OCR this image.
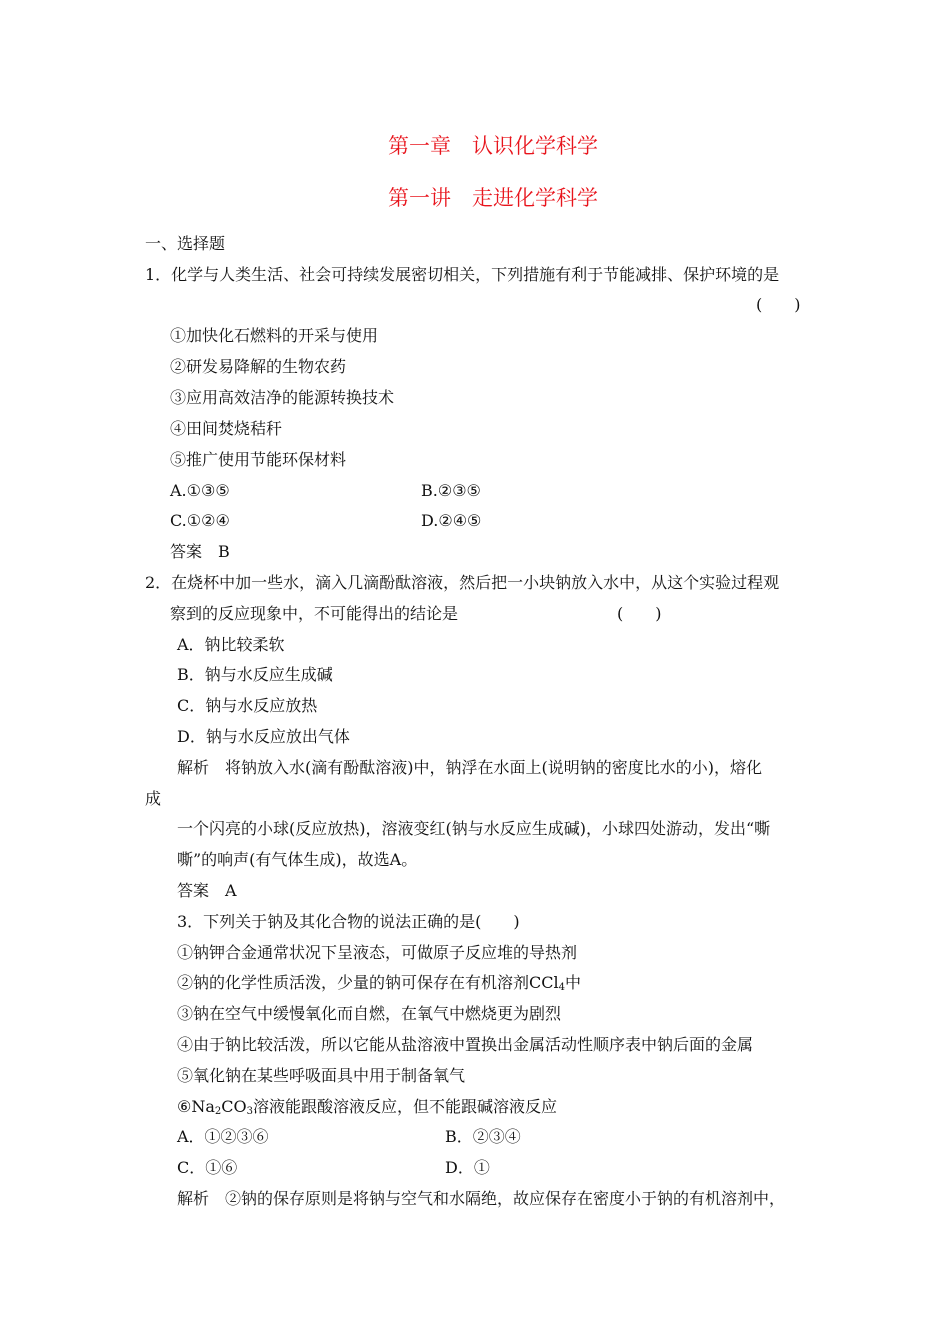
第一章　认识化学科学
第一讲　走进化学科学
一、选择题
1．化学与人类生活、社会可持续发展密切相关，下列措施有利于节能减排、保护环境的是
(　　)
①加快化石燃料的开采与使用
②研发易降解的生物农药
③应用高效洁净的能源转换技术
④田间焚烧秸秆
⑤推广使用节能环保材料
A.①③⑤	B.②③⑤
C.①②④	D.②④⑤
答案　B
2．在烧杯中加一些水，滴入几滴酚酞溶液，然后把一小块钠放入水中，从这个实验过程观
察到的反应现象中，不可能得出的结论是	(　　)
A．钠比较柔软
B．钠与水反应生成碱
C．钠与水反应放热
D．钠与水反应放出气体
解析　将钠放入水(滴有酚酞溶液)中，钠浮在水面上(说明钠的密度比水的小)，熔化
成
一个闪亮的小球(反应放热)，溶液变红(钠与水反应生成碱)，小球四处游动，发出“嘶
嘶”的响声(有气体生成)，故选A。
答案　A
3．下列关于钠及其化合物的说法正确的是(　　)
①钠钾合金通常状况下呈液态，可做原子反应堆的导热剂
②钠的化学性质活泼，少量的钠可保存在有机溶剂CCl$_4$中
③钠在空气中缓慢氧化而自燃，在氧气中燃烧更为剧烈
④由于钠比较活泼，所以它能从盐溶液中置换出金属活动性顺序表中钠后面的金属
⑤氧化钠在某些呼吸面具中用于制备氧气
$⑥Na_2CO_3$溶液能跟酸溶液反应，但不能跟碱溶液反应
A．①②③⑥	B．②③④
C．①⑥	D．①
解析　②钠的保存原则是将钠与空气和水隔绝，故应保存在密度小于钠的有机溶剂中，
